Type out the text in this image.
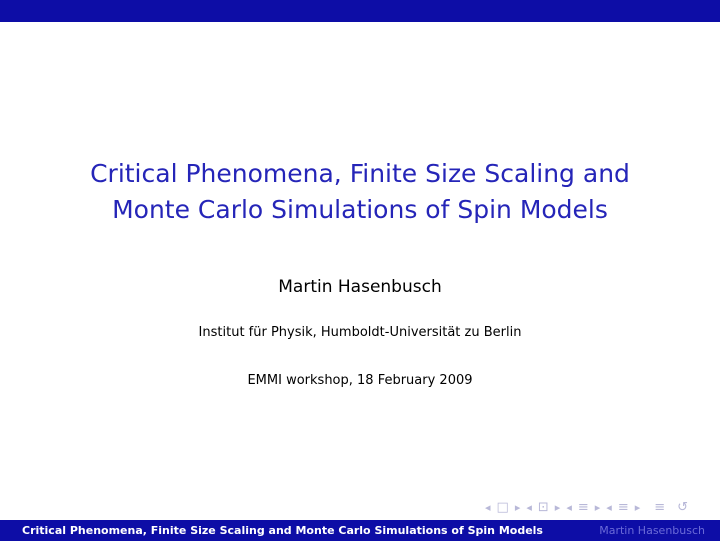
Critical Phenomena, Finite Size Scaling and
Monte Carlo Simulations of Spin Models
Martin Hasenbusch
Institut für Physik, Humboldt-Universität zu Berlin
EMMI workshop, 18 February 2009
◂ □ ▸ ◂ ⊡ ▸ ◂ ≡ ▸ ◂ ≡ ▸ ≡ ↺
Critical Phenomena, Finite Size Scaling and Monte Carlo Simulations of Spin Models	Martin Hasenbusch
